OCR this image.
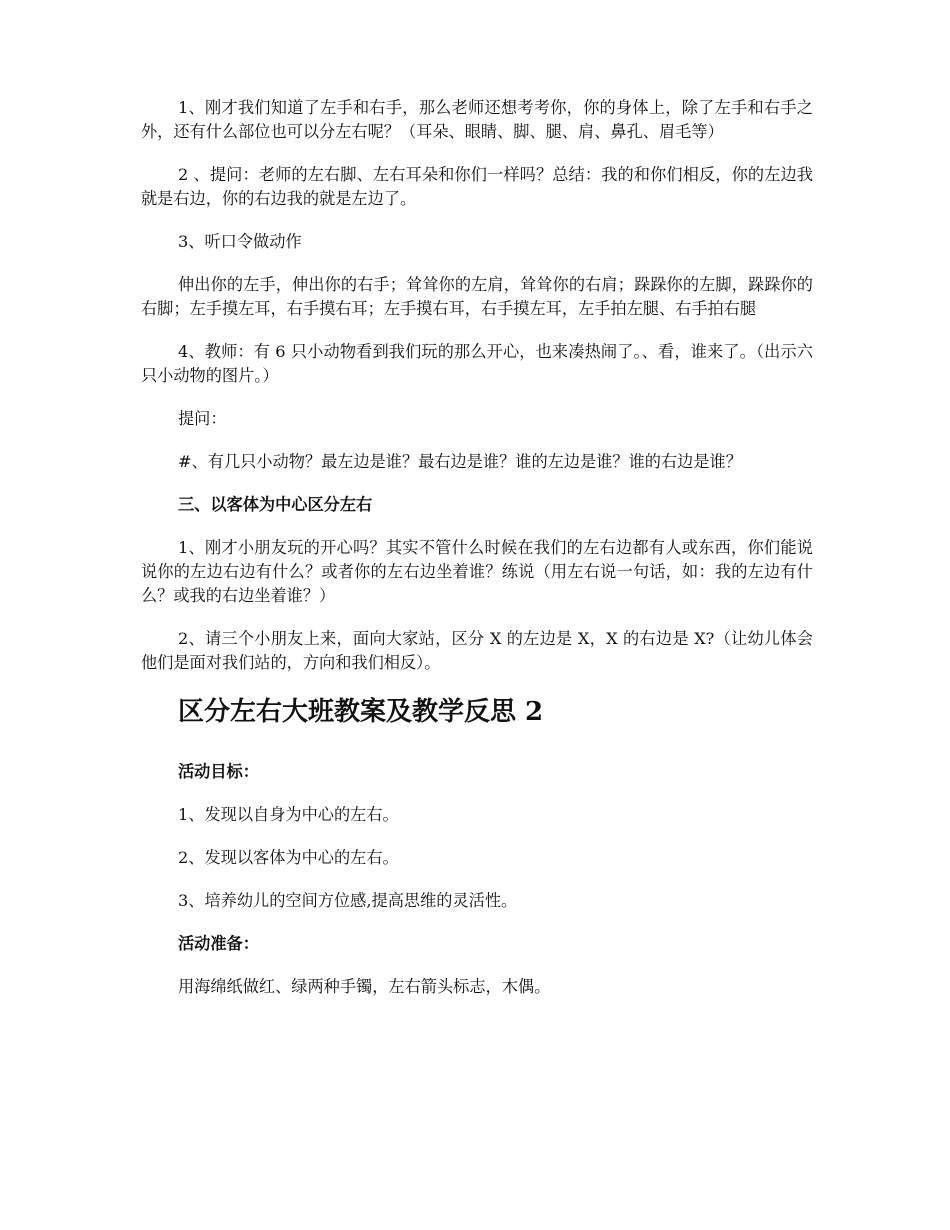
1、刚才我们知道了左手和右手，那么老师还想考考你，你的身体上，除了左手和右手之外，还有什么部位也可以分左右呢？（耳朵、眼睛、脚、腿、肩、鼻孔、眉毛等）

2 、提问：老师的左右脚、左右耳朵和你们一样吗？总结：我的和你们相反，你的左边我就是右边，你的右边我的就是左边了。

3、听口令做动作

伸出你的左手，伸出你的右手；耸耸你的左肩，耸耸你的右肩；跺跺你的左脚，跺跺你的右脚；左手摸左耳，右手摸右耳；左手摸右耳，右手摸左耳，左手拍左腿、右手拍右腿

4、教师：有 6 只小动物看到我们玩的那么开心，也来凑热闹了。、看，谁来了。（出示六只小动物的图片。）

提问：

#、有几只小动物？最左边是谁？最右边是谁？谁的左边是谁？谁的右边是谁？

三、以客体为中心区分左右

1、刚才小朋友玩的开心吗？其实不管什么时候在我们的左右边都有人或东西，你们能说说你的左边右边有什么？或者你的左右边坐着谁？练说（用左右说一句话，如：我的左边有什么？或我的右边坐着谁？）

2、请三个小朋友上来，面向大家站，区分 X 的左边是 X，X 的右边是 X?（让幼儿体会他们是面对我们站的，方向和我们相反）。

区分左右大班教案及教学反思 2
活动目标：

1、发现以自身为中心的左右。

2、发现以客体为中心的左右。

3、培养幼儿的空间方位感,提高思维的灵活性。

活动准备：

用海绵纸做红、绿两种手镯，左右箭头标志，木偶。
